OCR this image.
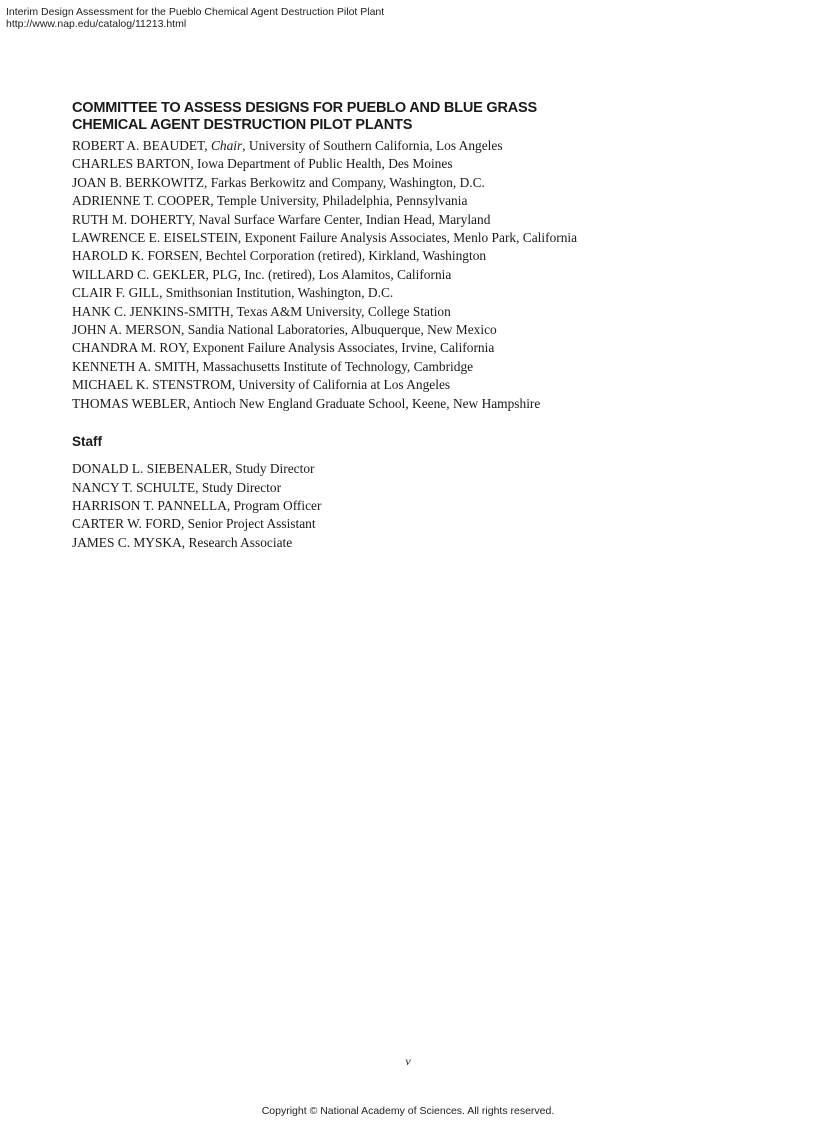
Interim Design Assessment for the Pueblo Chemical Agent Destruction Pilot Plant
http://www.nap.edu/catalog/11213.html
COMMITTEE TO ASSESS DESIGNS FOR PUEBLO AND BLUE GRASS
CHEMICAL AGENT DESTRUCTION PILOT PLANTS
ROBERT A. BEAUDET, Chair, University of Southern California, Los Angeles
CHARLES BARTON, Iowa Department of Public Health, Des Moines
JOAN B. BERKOWITZ, Farkas Berkowitz and Company, Washington, D.C.
ADRIENNE T. COOPER, Temple University, Philadelphia, Pennsylvania
RUTH M. DOHERTY, Naval Surface Warfare Center, Indian Head, Maryland
LAWRENCE E. EISELSTEIN, Exponent Failure Analysis Associates, Menlo Park, California
HAROLD K. FORSEN, Bechtel Corporation (retired), Kirkland, Washington
WILLARD C. GEKLER, PLG, Inc. (retired), Los Alamitos, California
CLAIR F. GILL, Smithsonian Institution, Washington, D.C.
HANK C. JENKINS-SMITH, Texas A&M University, College Station
JOHN A. MERSON, Sandia National Laboratories, Albuquerque, New Mexico
CHANDRA M. ROY, Exponent Failure Analysis Associates, Irvine, California
KENNETH A. SMITH, Massachusetts Institute of Technology, Cambridge
MICHAEL K. STENSTROM, University of California at Los Angeles
THOMAS WEBLER, Antioch New England Graduate School, Keene, New Hampshire
Staff
DONALD L. SIEBENALER, Study Director
NANCY T. SCHULTE, Study Director
HARRISON T. PANNELLA, Program Officer
CARTER W. FORD, Senior Project Assistant
JAMES C. MYSKA, Research Associate
v
Copyright © National Academy of Sciences. All rights reserved.
